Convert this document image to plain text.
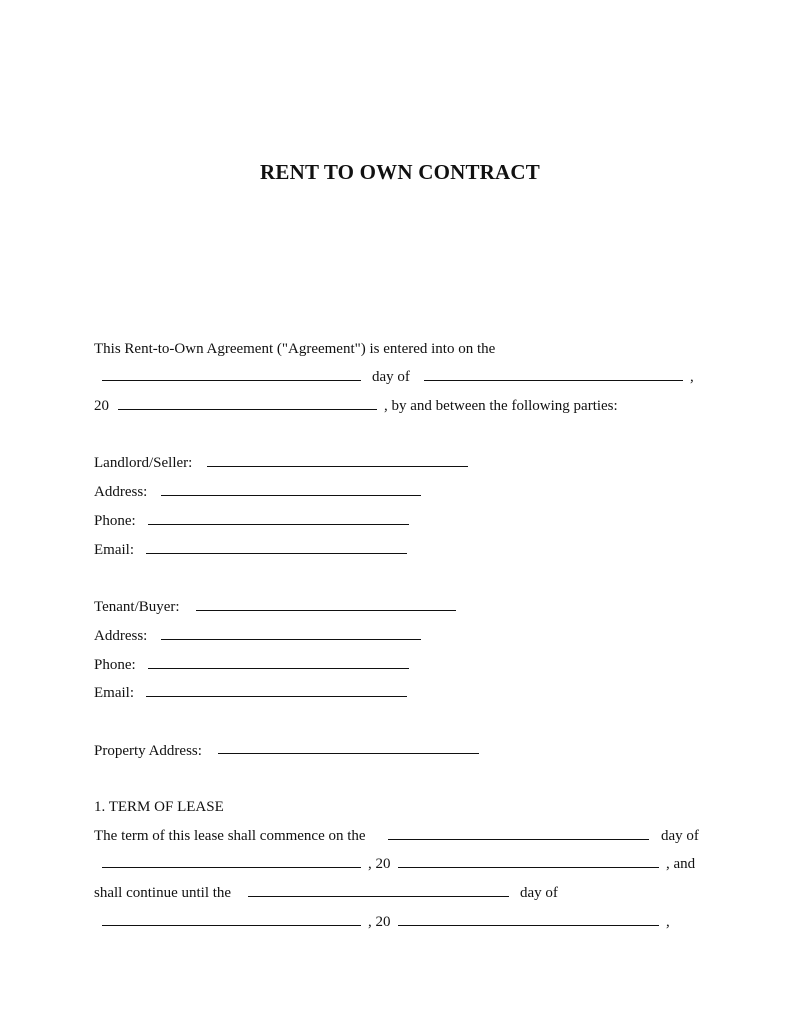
RENT TO OWN CONTRACT
This Rent-to-Own Agreement ("Agreement") is entered into on the
day of	,
20	, by and between the following parties:
Landlord/Seller:
Address:
Phone:
Email:
Tenant/Buyer:
Address:
Phone:
Email:
Property Address:
1. TERM OF LEASE
The term of this lease shall commence on the	day of
, 20	, and
shall continue until the	day of
, 20	,
